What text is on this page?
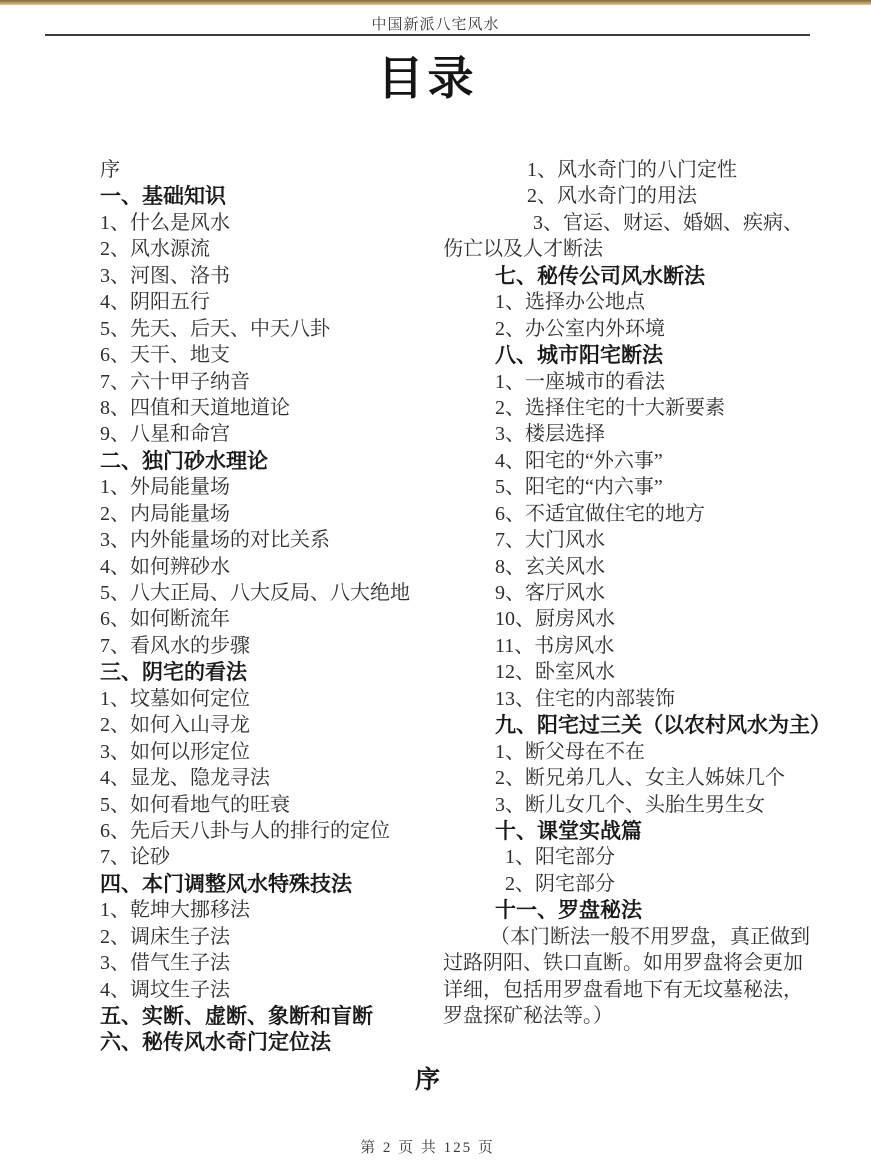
中国新派八宅风水
目录
序
一、基础知识
1、什么是风水
2、风水源流
3、河图、洛书
4、阴阳五行
5、先天、后天、中天八卦
6、天干、地支
7、六十甲子纳音
8、四值和天道地道论
9、八星和命宫
二、独门砂水理论
1、外局能量场
2、内局能量场
3、内外能量场的对比关系
4、如何辨砂水
5、八大正局、八大反局、八大绝地
6、如何断流年
7、看风水的步骤
三、阴宅的看法
1、坟墓如何定位
2、如何入山寻龙
3、如何以形定位
4、显龙、隐龙寻法
5、如何看地气的旺衰
6、先后天八卦与人的排行的定位
7、论砂
四、本门调整风水特殊技法
1、乾坤大挪移法
2、调床生子法
3、借气生子法
4、调坟生子法
五、实断、虚断、象断和盲断
六、秘传风水奇门定位法
1、风水奇门的八门定性
2、风水奇门的用法
3、官运、财运、婚姻、疾病、
伤亡以及人才断法
七、秘传公司风水断法
1、选择办公地点
2、办公室内外环境
八、城市阳宅断法
1、一座城市的看法
2、选择住宅的十大新要素
3、楼层选择
4、阳宅的“外六事”
5、阳宅的“内六事”
6、不适宜做住宅的地方
7、大门风水
8、玄关风水
9、客厅风水
10、厨房风水
11、书房风水
12、卧室风水
13、住宅的内部装饰
九、阳宅过三关（以农村风水为主）
1、断父母在不在
2、断兄弟几人、女主人姊妹几个
3、断儿女几个、头胎生男生女
十、课堂实战篇
1、阳宅部分
2、阴宅部分
十一、罗盘秘法
（本门断法一般不用罗盘，真正做到
过路阴阳、铁口直断。如用罗盘将会更加
详细，包括用罗盘看地下有无坟墓秘法，
罗盘探矿秘法等。）
序
第 2 页 共 125 页
